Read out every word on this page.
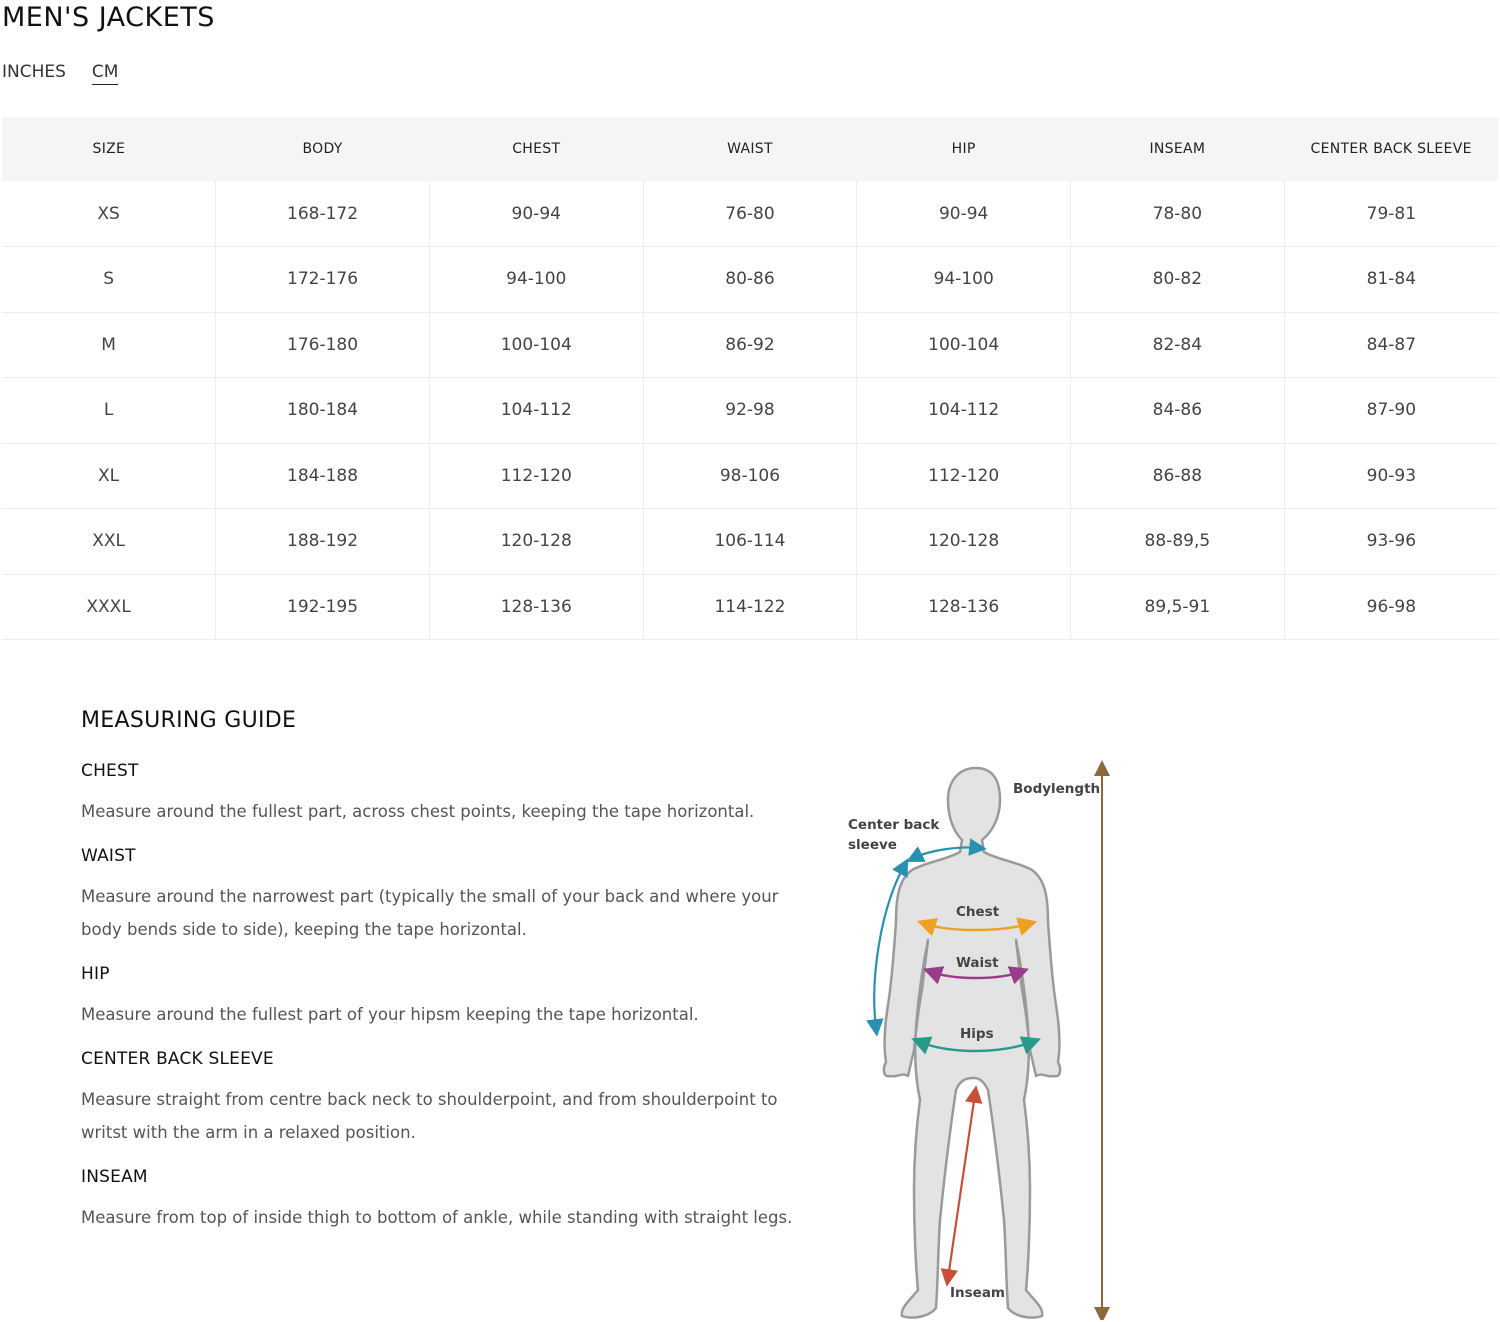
MEN'S JACKETS
INCHES CM
SIZE	BODY	CHEST	WAIST	HIP	INSEAM	CENTER BACK SLEEVE
XS	168-172	90-94	76-80	90-94	78-80	79-81
S	172-176	94-100	80-86	94-100	80-82	81-84
M	176-180	100-104	86-92	100-104	82-84	84-87
L	180-184	104-112	92-98	104-112	84-86	87-90
XL	184-188	112-120	98-106	112-120	86-88	90-93
XXL	188-192	120-128	106-114	120-128	88-89,5	93-96
XXXL	192-195	128-136	114-122	128-136	89,5-91	96-98
MEASURING GUIDE
CHEST
Measure around the fullest part, across chest points, keeping the tape horizontal.
WAIST
Measure around the narrowest part (typically the small of your back and where your body bends side to side), keeping the tape horizontal.
HIP
Measure around the fullest part of your hipsm keeping the tape horizontal.
CENTER BACK SLEEVE
Measure straight from centre back neck to shoulderpoint, and from shoulderpoint to writst with the arm in a relaxed position.
INSEAM
Measure from top of inside thigh to bottom of ankle, while standing with straight legs.
Bodylength
Center back
sleeve
Chest
Waist
Hips
Inseam
